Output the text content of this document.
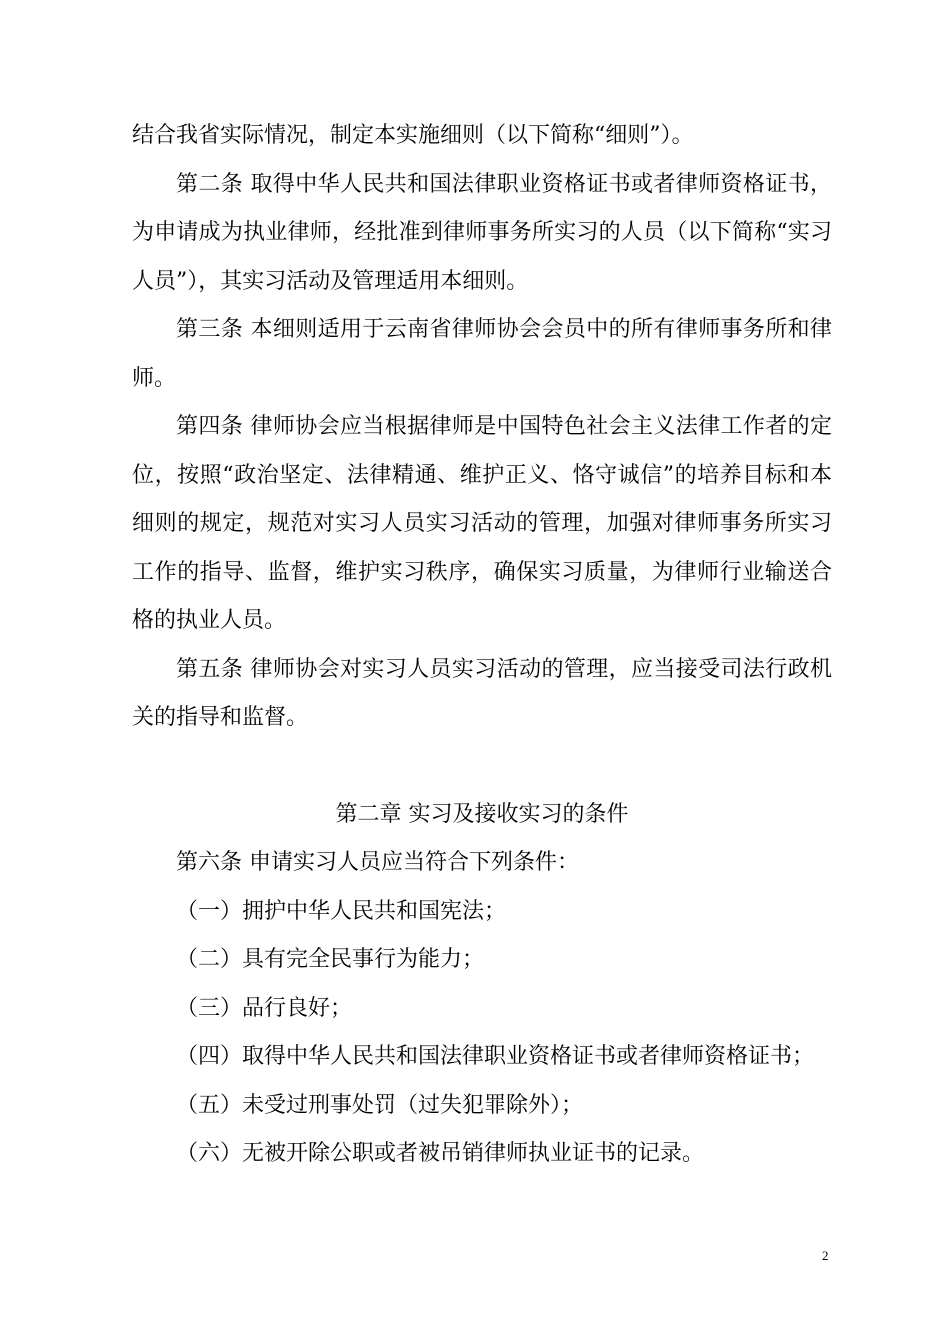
结合我省实际情况，制定本实施细则（以下简称“细则”）。

第二条 取得中华人民共和国法律职业资格证书或者律师资格证书，为申请成为执业律师，经批准到律师事务所实习的人员（以下简称“实习人员”），其实习活动及管理适用本细则。

第三条 本细则适用于云南省律师协会会员中的所有律师事务所和律师。

第四条 律师协会应当根据律师是中国特色社会主义法律工作者的定位，按照“政治坚定、法律精通、维护正义、恪守诚信”的培养目标和本细则的规定，规范对实习人员实习活动的管理，加强对律师事务所实习工作的指导、监督，维护实习秩序，确保实习质量，为律师行业输送合格的执业人员。

第五条 律师协会对实习人员实习活动的管理，应当接受司法行政机关的指导和监督。

第二章 实习及接收实习的条件

第六条 申请实习人员应当符合下列条件：

（一）拥护中华人民共和国宪法；

（二）具有完全民事行为能力；

（三）品行良好；

（四）取得中华人民共和国法律职业资格证书或者律师资格证书；

（五）未受过刑事处罚（过失犯罪除外）；

（六）无被开除公职或者被吊销律师执业证书的记录。

2
